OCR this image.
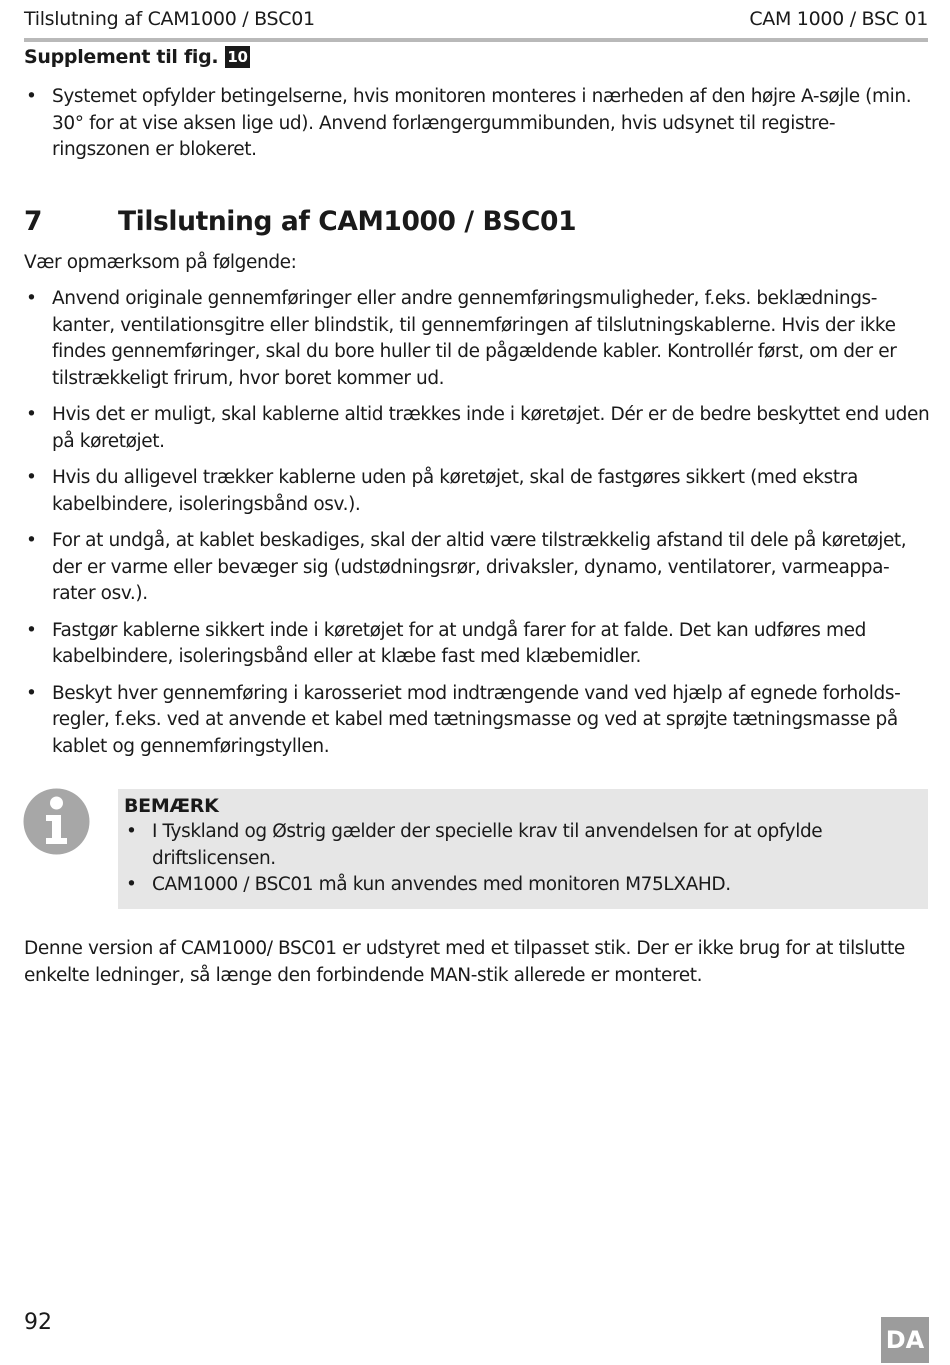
Tilslutning af CAM1000 / BSC01	CAM 1000 / BSC 01
Supplement til fig. 10
• Systemet opfylder betingelserne, hvis monitoren monteres i nærheden af den højre A-søjle (min. 30° for at vise aksen lige ud). Anvend forlængergummibunden, hvis udsynet til registre-ringszonen er blokeret.
7	Tilslutning af CAM1000 / BSC01
Vær opmærksom på følgende:
• Anvend originale gennemføringer eller andre gennemføringsmuligheder, f.eks. beklædnings-kanter, ventilationsgitre eller blindstik, til gennemføringen af tilslutningskablerne. Hvis der ikke findes gennemføringer, skal du bore huller til de pågældende kabler. Kontrollér først, om der er tilstrækkeligt frirum, hvor boret kommer ud.
• Hvis det er muligt, skal kablerne altid trækkes inde i køretøjet. Dér er de bedre beskyttet end uden på køretøjet.
• Hvis du alligevel trækker kablerne uden på køretøjet, skal de fastgøres sikkert (med ekstra kabelbindere, isoleringsbånd osv.).
• For at undgå, at kablet beskadiges, skal der altid være tilstrækkelig afstand til dele på køretøjet, der er varme eller bevæger sig (udstødningsrør, drivaksler, dynamo, ventilatorer, varmeappa-rater osv.).
• Fastgør kablerne sikkert inde i køretøjet for at undgå farer for at falde. Det kan udføres med kabelbindere, isoleringsbånd eller at klæbe fast med klæbemidler.
• Beskyt hver gennemføring i karosseriet mod indtrængende vand ved hjælp af egnede forholds-regler, f.eks. ved at anvende et kabel med tætningsmasse og ved at sprøjte tætningsmasse på kablet og gennemføringstyllen.
BEMÆRK
• I Tyskland og Østrig gælder der specielle krav til anvendelsen for at opfylde driftslicensen.
• CAM1000 / BSC01 må kun anvendes med monitoren M75LXAHD.
Denne version af CAM1000/ BSC01 er udstyret med et tilpasset stik. Der er ikke brug for at tilslutte enkelte ledninger, så længe den forbindende MAN-stik allerede er monteret.
92
DA
